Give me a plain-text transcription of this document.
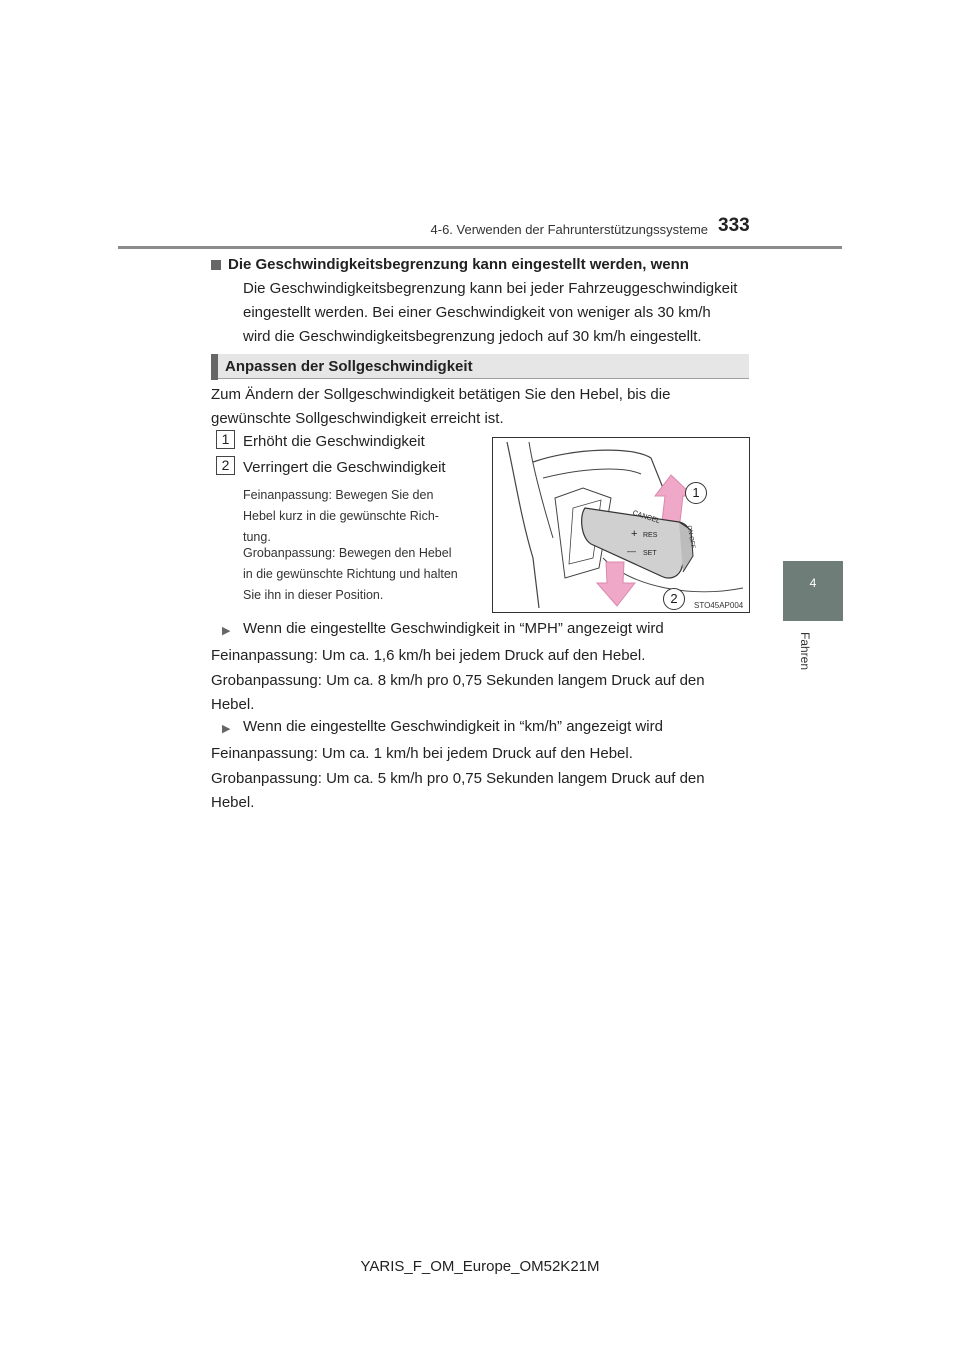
4-6. Verwenden der Fahrunterstützungssysteme 333
4
Fahren
Die Geschwindigkeitsbegrenzung kann eingestellt werden, wenn
Die Geschwindigkeitsbegrenzung kann bei jeder Fahrzeuggeschwindigkeit
eingestellt werden. Bei einer Geschwindigkeit von weniger als 30 km/h
wird die Geschwindigkeitsbegrenzung jedoch auf 30 km/h eingestellt.
Anpassen der Sollgeschwindigkeit
Zum Ändern der Sollgeschwindigkeit betätigen Sie den Hebel, bis die
gewünschte Sollgeschwindigkeit erreicht ist.
1 Erhöht die Geschwindigkeit
2 Verringert die Geschwindigkeit
Feinanpassung: Bewegen Sie den
Hebel kurz in die gewünschte Rich-
tung.
Grobanpassung: Bewegen den Hebel
in die gewünschte Richtung und halten
Sie ihn in dieser Position.
CANCEL
RES
SET
ON-OFF
+
—
1
2	STO45AP004
▶ Wenn die eingestellte Geschwindigkeit in “MPH” angezeigt wird
Feinanpassung: Um ca. 1,6 km/h bei jedem Druck auf den Hebel.
Grobanpassung: Um ca. 8 km/h pro 0,75 Sekunden langem Druck auf den
Hebel.
▶ Wenn die eingestellte Geschwindigkeit in “km/h” angezeigt wird
Feinanpassung: Um ca. 1 km/h bei jedem Druck auf den Hebel.
Grobanpassung: Um ca. 5 km/h pro 0,75 Sekunden langem Druck auf den
Hebel.
YARIS_F_OM_Europe_OM52K21M
